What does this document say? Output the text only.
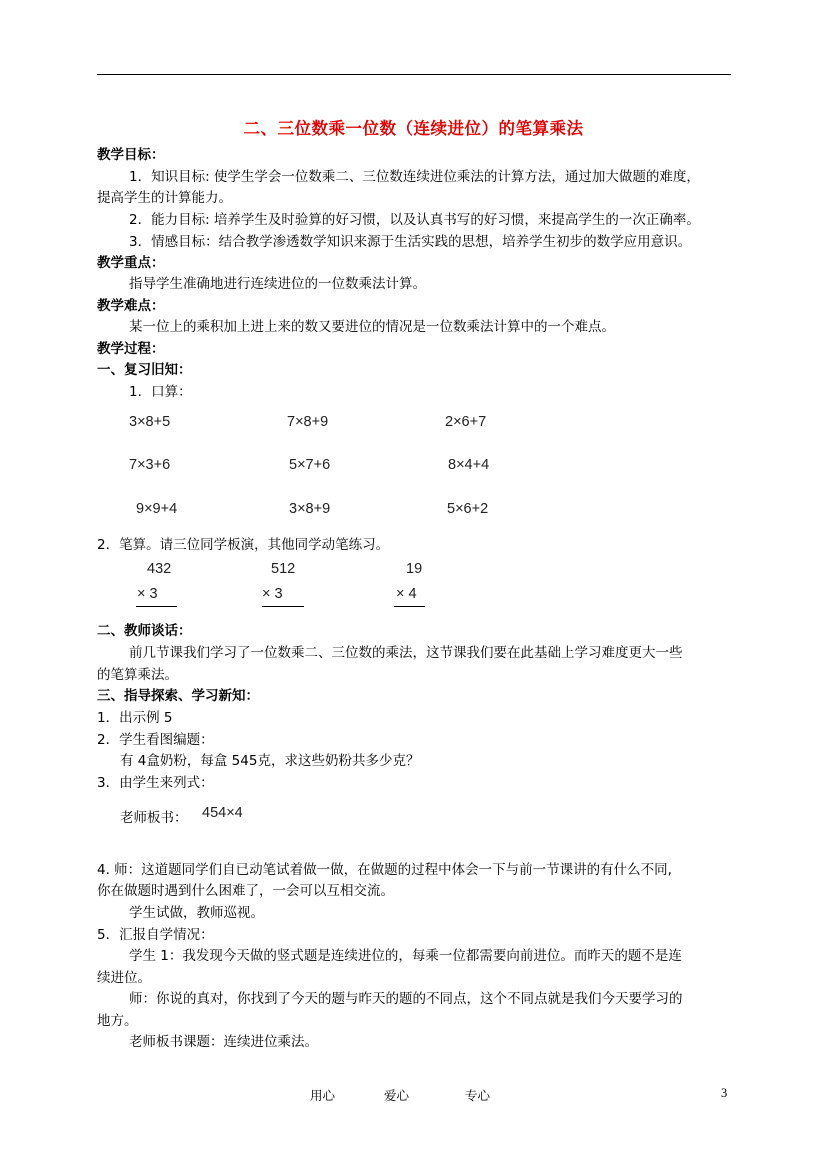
二、三位数乘一位数（连续进位）的笔算乘法
教学目标：
1．知识目标: 使学生学会一位数乘二、三位数连续进位乘法的计算方法，通过加大做题的难度，
提高学生的计算能力。
2．能力目标: 培养学生及时验算的好习惯，以及认真书写的好习惯，来提高学生的一次正确率。
3．情感目标：结合教学渗透数学知识来源于生活实践的思想，培养学生初步的数学应用意识。
教学重点：
指导学生准确地进行连续进位的一位数乘法计算。
教学难点：
某一位上的乘积加上进上来的数又要进位的情况是一位数乘法计算中的一个难点。
教学过程：
一、复习旧知：
1．口算：
3×8+5	7×8+9	2×6+7
7×3+6	5×7+6	8×4+4
9×9+4	3×8+9	5×6+2
2．笔算。请三位同学板演，其他同学动笔练习。
432
× 3
512
× 3
19
× 4
二、教师谈话：
前几节课我们学习了一位数乘二、三位数的乘法，这节课我们要在此基础上学习难度更大一些
的笔算乘法。
三、指导探索、学习新知：
1．出示例 5
2．学生看图编题：
有 4盒奶粉，每盒 545克，求这些奶粉共多少克？
3．由学生来列式：
老师板书： 454×4
4. 师：这道题同学们自已动笔试着做一做，在做题的过程中体会一下与前一节课讲的有什么不同,
你在做题时遇到什么困难了，一会可以互相交流。
学生试做，教师巡视。
5．汇报自学情况：
学生 1：我发现今天做的竖式题是连续进位的，每乘一位都需要向前进位。而昨天的题不是连
续进位。
师：你说的真对，你找到了今天的题与昨天的题的不同点，这个不同点就是我们今天要学习的
地方。
老师板书课题：连续进位乘法。
用心	爱心	专心	3
